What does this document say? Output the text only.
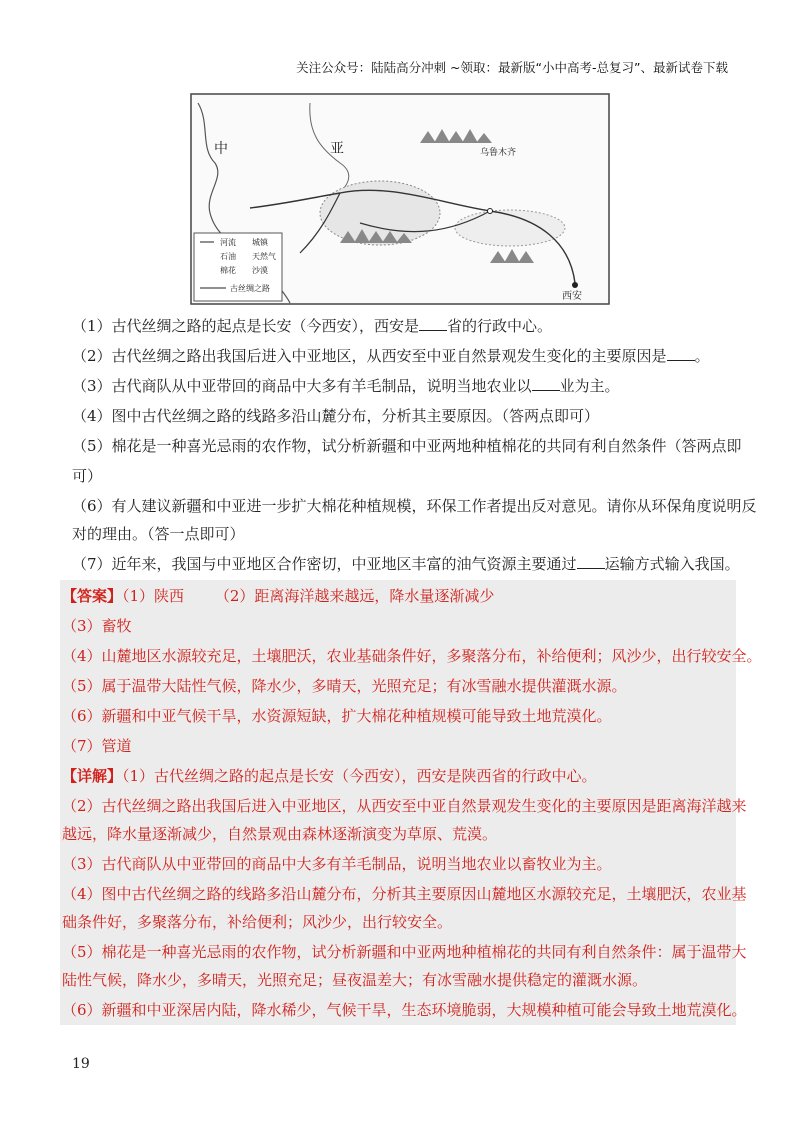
关注公众号：陆陆高分冲刺 ~领取：最新版“小中高考-总复习”、最新试卷下载
中	亚	乌鲁木齐
西安
河流 城镇
石油 天然气
棉花 沙漠
古丝绸之路
（1）古代丝绸之路的起点是长安（今西安），西安是 省的行政中心。
（2）古代丝绸之路出我国后进入中亚地区，从西安至中亚自然景观发生变化的主要原因是 。
（3）古代商队从中亚带回的商品中大多有羊毛制品，说明当地农业以 业为主。
（4）图中古代丝绸之路的线路多沿山麓分布，分析其主要原因。（答两点即可）
（5）棉花是一种喜光忌雨的农作物，试分析新疆和中亚两地种植棉花的共同有利自然条件（答两点即
可）
（6）有人建议新疆和中亚进一步扩大棉花种植规模，环保工作者提出反对意见。请你从环保角度说明反
对的理由。（答一点即可）
（7）近年来，我国与中亚地区合作密切，中亚地区丰富的油气资源主要通过 运输方式输入我国。
【答案】（1）陕西 （2）距离海洋越来越远，降水量逐渐减少
（3）畜牧
（4）山麓地区水源较充足，土壤肥沃，农业基础条件好，多聚落分布，补给便利；风沙少，出行较安全。
（5）属于温带大陆性气候，降水少，多晴天，光照充足；有冰雪融水提供灌溉水源。
（6）新疆和中亚气候干旱，水资源短缺，扩大棉花种植规模可能导致土地荒漠化。
（7）管道
【详解】（1）古代丝绸之路的起点是长安（今西安），西安是陕西省的行政中心。
（2）古代丝绸之路出我国后进入中亚地区，从西安至中亚自然景观发生变化的主要原因是距离海洋越来
越远，降水量逐渐减少，自然景观由森林逐渐演变为草原、荒漠。
（3）古代商队从中亚带回的商品中大多有羊毛制品，说明当地农业以畜牧业为主。
（4）图中古代丝绸之路的线路多沿山麓分布，分析其主要原因山麓地区水源较充足，土壤肥沃，农业基
础条件好，多聚落分布，补给便利；风沙少，出行较安全。
（5）棉花是一种喜光忌雨的农作物，试分析新疆和中亚两地种植棉花的共同有利自然条件：属于温带大
陆性气候，降水少，多晴天，光照充足；昼夜温差大；有冰雪融水提供稳定的灌溉水源。
（6）新疆和中亚深居内陆，降水稀少，气候干旱，生态环境脆弱，大规模种植可能会导致土地荒漠化。
19
